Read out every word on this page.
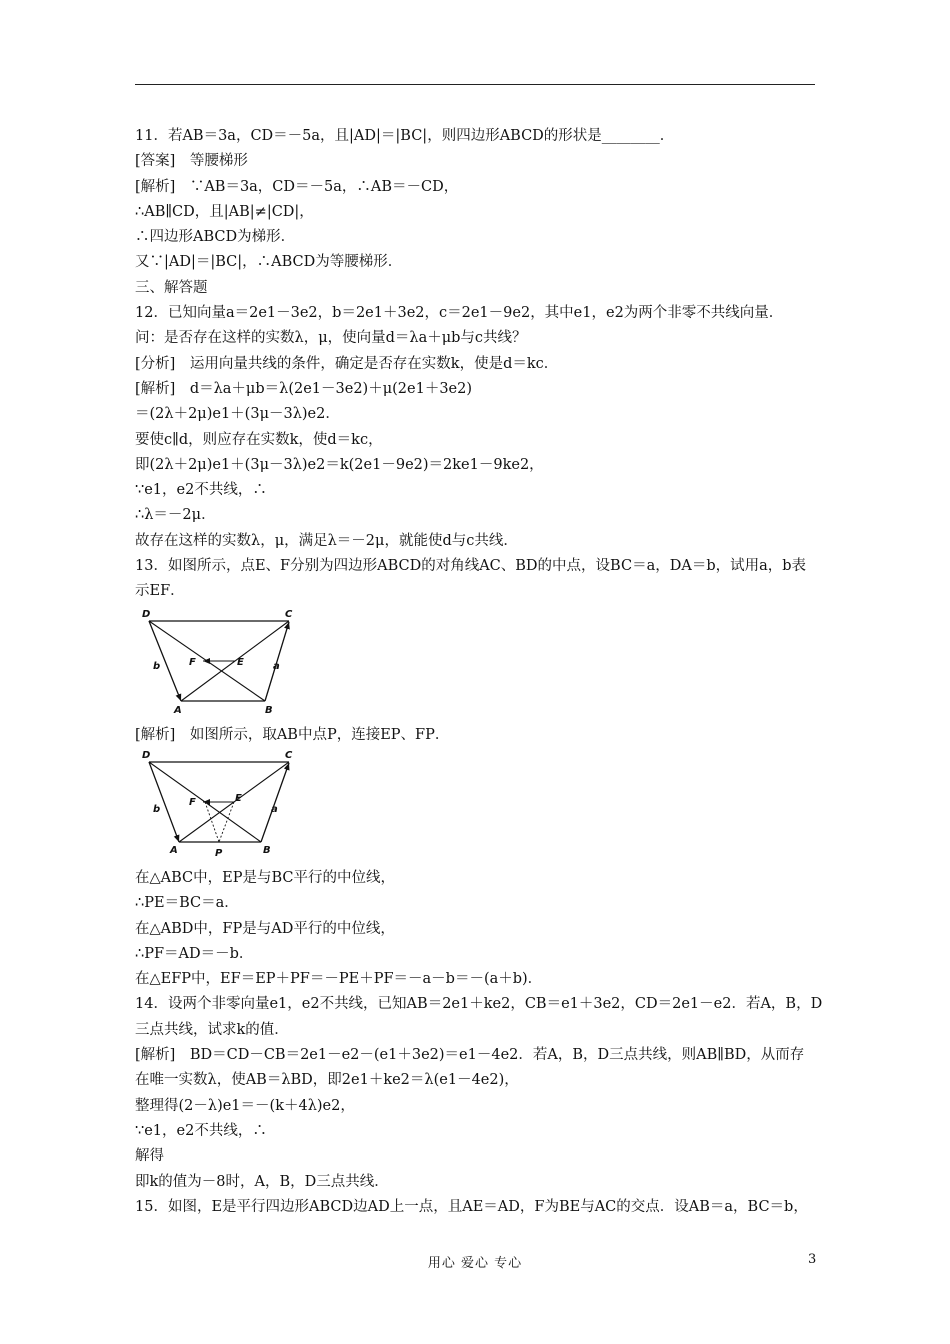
11．若AB＝3a，CD＝－5a，且|AD|＝|BC|，则四边形ABCD的形状是________．
[答案]　等腰梯形
[解析]　∵AB＝3a，CD＝－5a，∴AB＝－CD，
∴AB∥CD，且|AB|≠|CD|，
∴四边形ABCD为梯形．
又∵|AD|＝|BC|，∴ABCD为等腰梯形．
三、解答题
12．已知向量a＝2e1－3e2，b＝2e1＋3e2，c＝2e1－9e2，其中e1，e2为两个非零不共线向量．
问：是否存在这样的实数λ，μ，使向量d＝λa＋μb与c共线？
[分析]　运用向量共线的条件，确定是否存在实数k，使是d＝kc．
[解析]　d＝λa＋μb＝λ(2e1－3e2)＋μ(2e1＋3e2)
＝(2λ＋2μ)e1＋(3μ－3λ)e2．
要使c∥d，则应存在实数k，使d＝kc，
即(2λ＋2μ)e1＋(3μ－3λ)e2＝k(2e1－9e2)＝2ke1－9ke2，
∵e1，e2不共线，∴
∴λ＝－2μ．
故存在这样的实数λ，μ，满足λ＝－2μ，就能使d与c共线．
13．如图所示，点E、F分别为四边形ABCD的对角线AC、BD的中点，设BC＝a，DA＝b，试用a，b表
示EF．
D	C
F	E
b	a
A	B
[解析]　如图所示，取AB中点P，连接EP、FP．
D	C
F	E
b	a
A	P	B
在△ABC中，EP是与BC平行的中位线，
∴PE＝BC＝a．
在△ABD中，FP是与AD平行的中位线，
∴PF＝AD＝－b．
在△EFP中，EF＝EP＋PF＝－PE＋PF＝－a－b＝－(a＋b)．
14．设两个非零向量e1，e2不共线，已知AB＝2e1＋ke2，CB＝e1＋3e2，CD＝2e1－e2．若A，B，D
三点共线，试求k的值．
[解析]　BD＝CD－CB＝2e1－e2－(e1＋3e2)＝e1－4e2．若A，B，D三点共线，则AB∥BD，从而存
在唯一实数λ，使AB＝λBD，即2e1＋ke2＝λ(e1－4e2)，
整理得(2－λ)e1＝－(k＋4λ)e2，
∵e1，e2不共线，∴
解得
即k的值为－8时，A，B，D三点共线．
15．如图，E是平行四边形ABCD边AD上一点，且AE＝AD，F为BE与AC的交点．设AB＝a，BC＝b，
用心 爱心 专心	3
